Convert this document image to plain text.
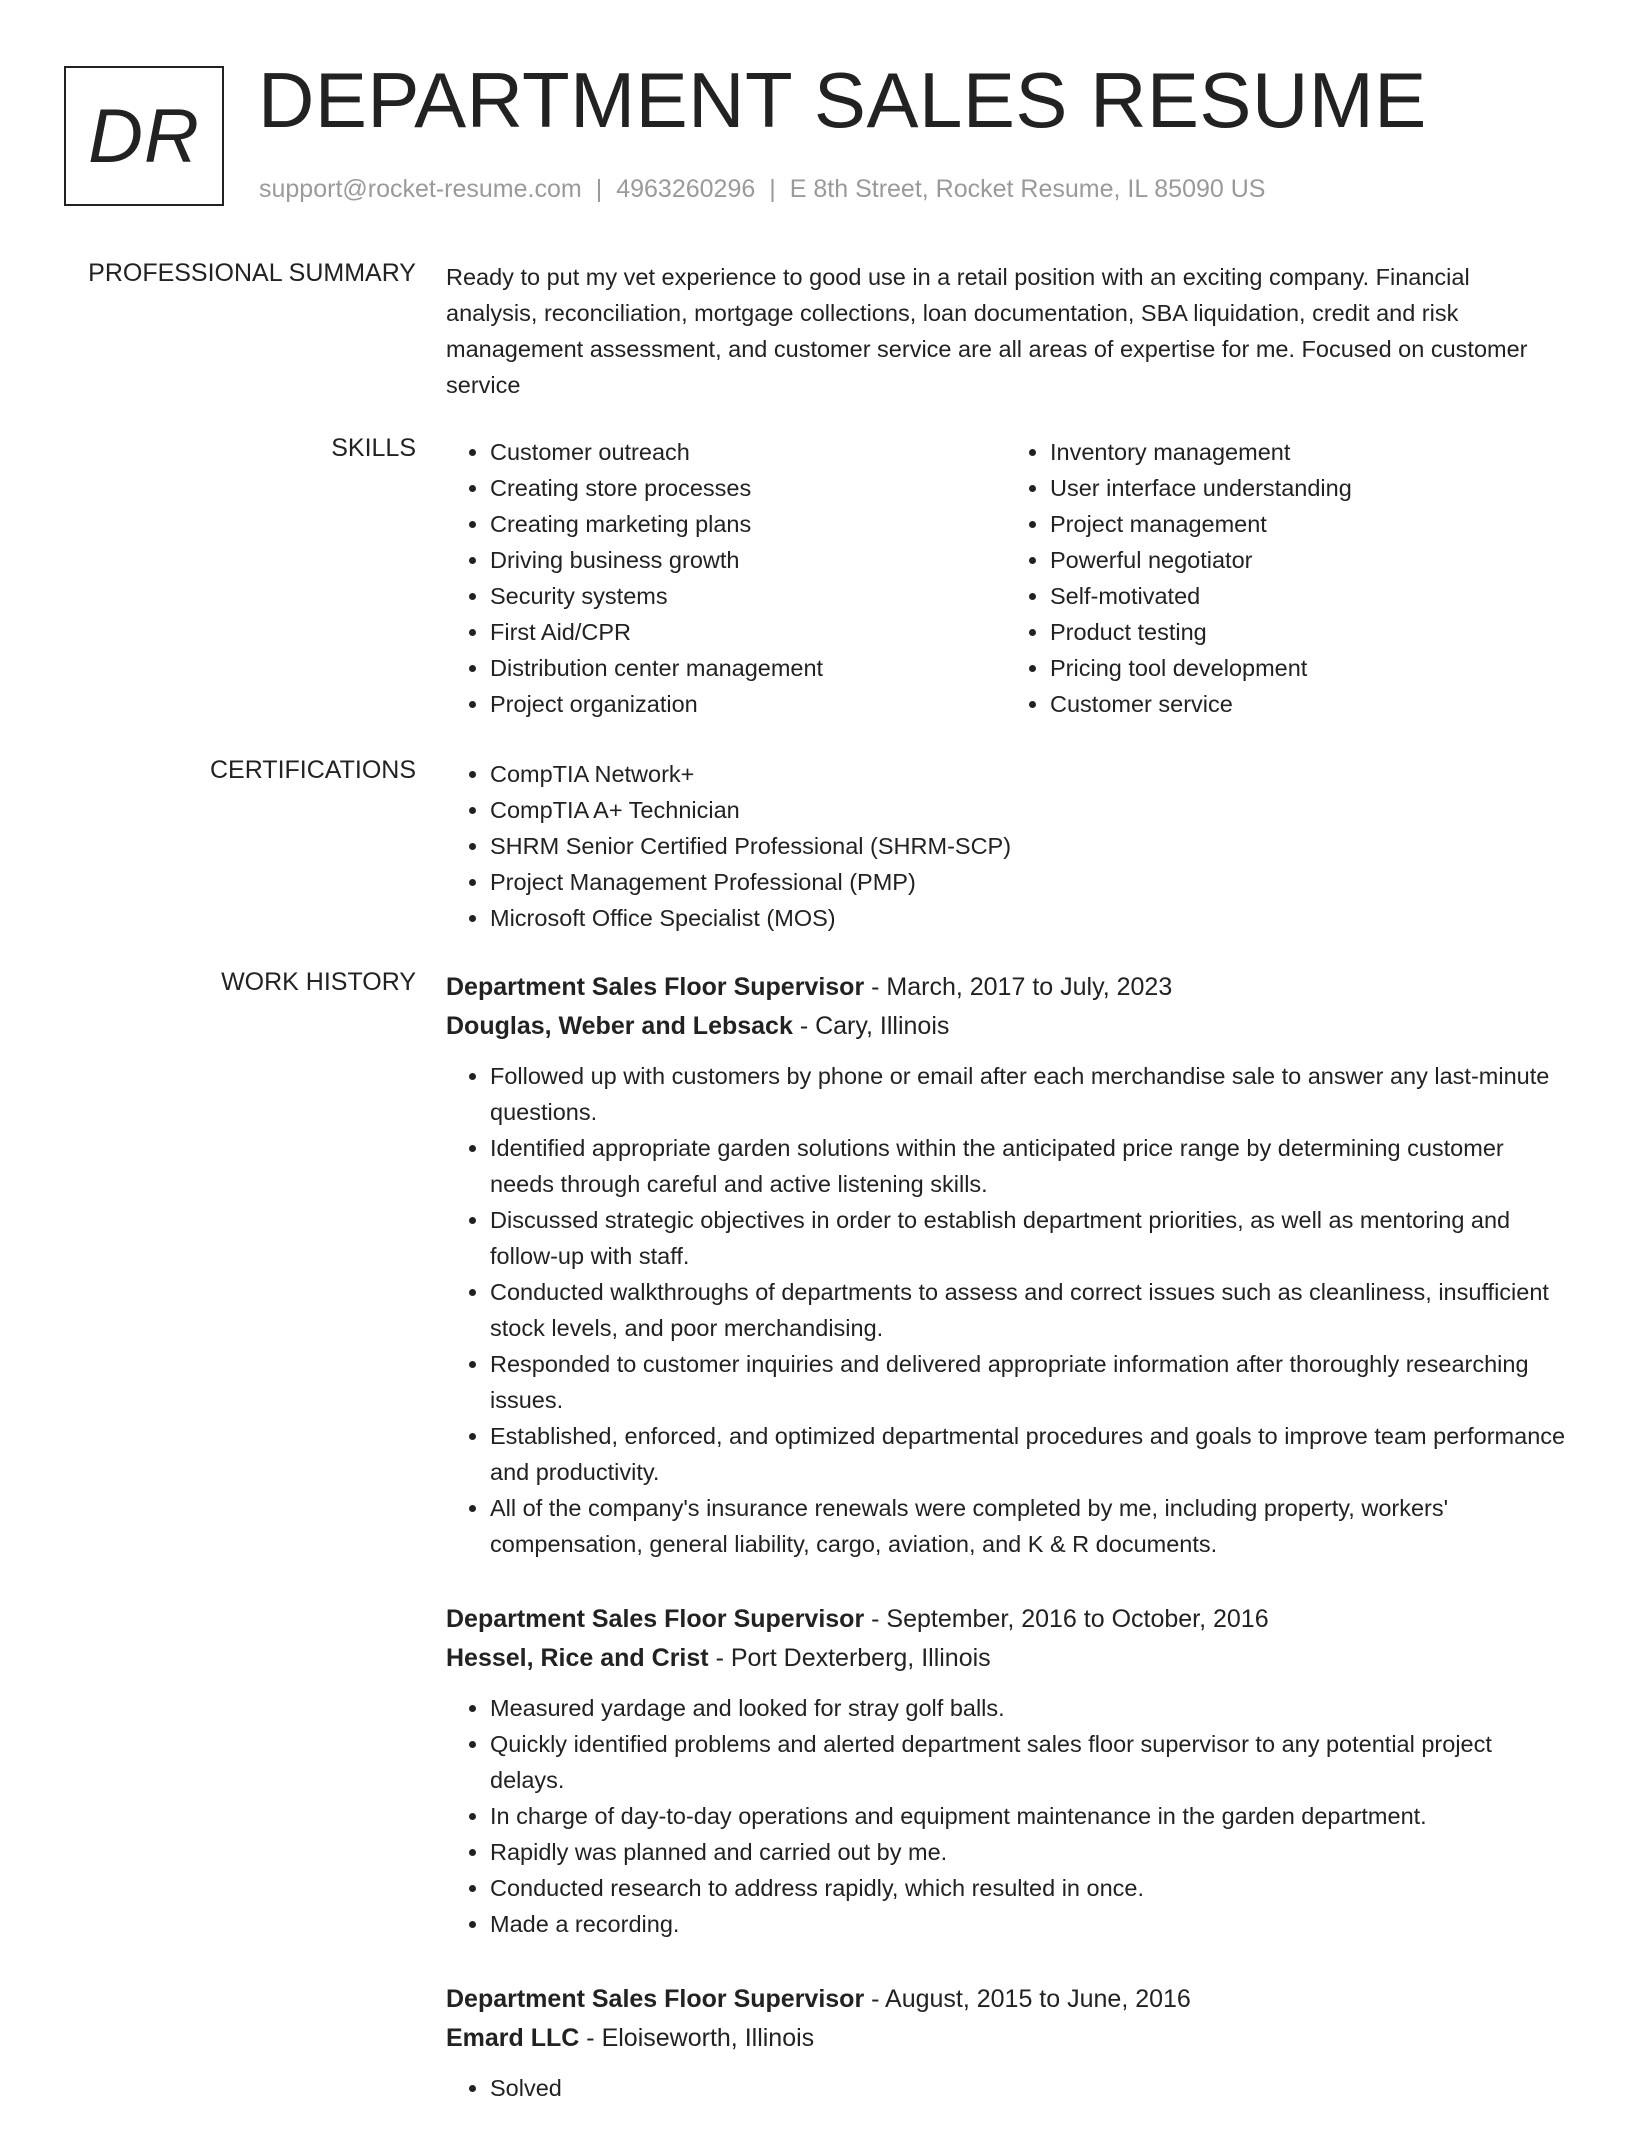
DR DEPARTMENT SALES RESUME
support@rocket-resume.com | 4963260296 | E 8th Street, Rocket Resume, IL 85090 US
PROFESSIONAL SUMMARY Ready to put my vet experience to good use in a retail position with an exciting company. Financial analysis, reconciliation, mortgage collections, loan documentation, SBA liquidation, credit and risk management assessment, and customer service are all areas of expertise for me. Focused on customer service

SKILLS	• Customer outreach
• Creating store processes
• Creating marketing plans
• Driving business growth
• Security systems
• First Aid/CPR
• Distribution center management
• Project organization
• Inventory management
• User interface understanding
• Project management
• Powerful negotiator
• Self-motivated
• Product testing
• Pricing tool development
• Customer service
CERTIFICATIONS	• CompTIA Network+
• CompTIA A+ Technician
• SHRM Senior Certified Professional (SHRM-SCP)
• Project Management Professional (PMP)
• Microsoft Office Specialist (MOS)
WORK HISTORY Department Sales Floor Supervisor - March, 2017 to July, 2023
Douglas, Weber and Lebsack - Cary, Illinois
• Followed up with customers by phone or email after each merchandise sale to answer any last-minute questions.
• Identified appropriate garden solutions within the anticipated price range by determining customer needs through careful and active listening skills.
• Discussed strategic objectives in order to establish department priorities, as well as mentoring and follow-up with staff.
• Conducted walkthroughs of departments to assess and correct issues such as cleanliness, insufficient stock levels, and poor merchandising.
• Responded to customer inquiries and delivered appropriate information after thoroughly researching issues.
• Established, enforced, and optimized departmental procedures and goals to improve team performance and productivity.
• All of the company's insurance renewals were completed by me, including property, workers' compensation, general liability, cargo, aviation, and K & R documents.
Department Sales Floor Supervisor - September, 2016 to October, 2016
Hessel, Rice and Crist - Port Dexterberg, Illinois
• Measured yardage and looked for stray golf balls.
• Quickly identified problems and alerted department sales floor supervisor to any potential project delays.
• In charge of day-to-day operations and equipment maintenance in the garden department.
• Rapidly was planned and carried out by me.
• Conducted research to address rapidly, which resulted in once.
• Made a recording.
Department Sales Floor Supervisor - August, 2015 to June, 2016
Emard LLC - Eloiseworth, Illinois
• Solved
